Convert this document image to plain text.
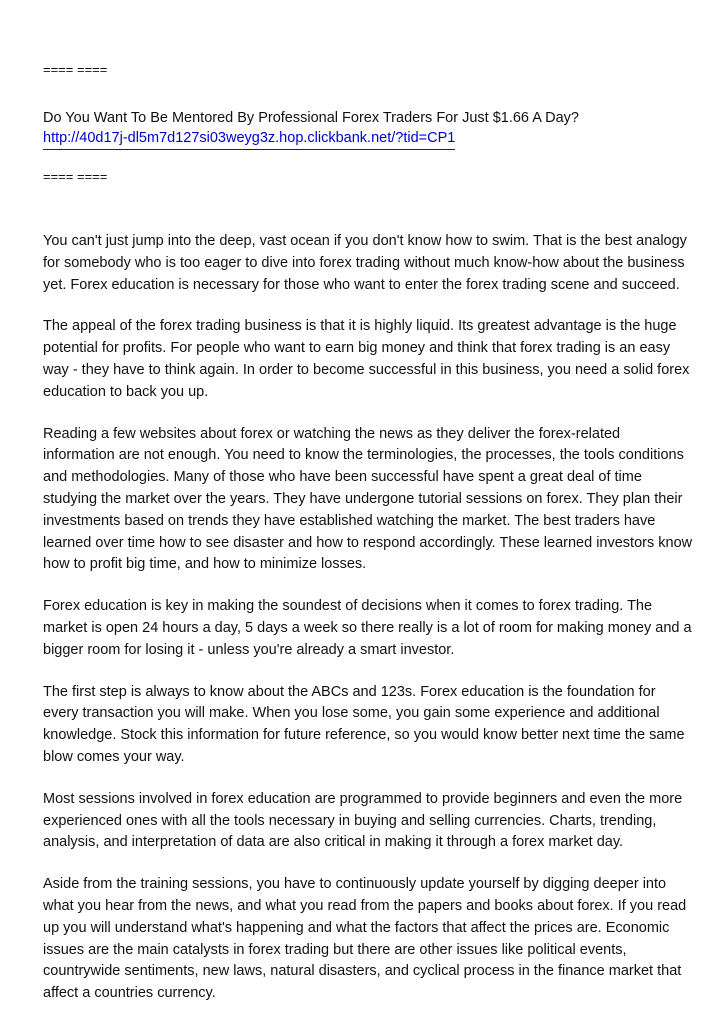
==== ====

Do You Want To Be Mentored By Professional Forex Traders For Just $1.66 A Day?

http://40d17j-dl5m7d127si03weyg3z.hop.clickbank.net/?tid=CP1

==== ====

You can't just jump into the deep, vast ocean if you don't know how to swim. That is the best analogy for somebody who is too eager to dive into forex trading without much know-how about the business yet. Forex education is necessary for those who want to enter the forex trading scene and succeed.

The appeal of the forex trading business is that it is highly liquid. Its greatest advantage is the huge potential for profits. For people who want to earn big money and think that forex trading is an easy way - they have to think again. In order to become successful in this business, you need a solid forex education to back you up.

Reading a few websites about forex or watching the news as they deliver the forex-related information are not enough. You need to know the terminologies, the processes, the tools conditions and methodologies. Many of those who have been successful have spent a great deal of time studying the market over the years. They have undergone tutorial sessions on forex. They plan their investments based on trends they have established watching the market. The best traders have learned over time how to see disaster and how to respond accordingly. These learned investors know how to profit big time, and how to minimize losses.

Forex education is key in making the soundest of decisions when it comes to forex trading. The market is open 24 hours a day, 5 days a week so there really is a lot of room for making money and a bigger room for losing it - unless you're already a smart investor.

The first step is always to know about the ABCs and 123s. Forex education is the foundation for every transaction you will make. When you lose some, you gain some experience and additional knowledge. Stock this information for future reference, so you would know better next time the same blow comes your way.

Most sessions involved in forex education are programmed to provide beginners and even the more experienced ones with all the tools necessary in buying and selling currencies. Charts, trending, analysis, and interpretation of data are also critical in making it through a forex market day.

Aside from the training sessions, you have to continuously update yourself by digging deeper into what you hear from the news, and what you read from the papers and books about forex. If you read up you will understand what's happening and what the factors that affect the prices are. Economic issues are the main catalysts in forex trading but there are other issues like political events, countrywide sentiments, new laws, natural disasters, and cyclical process in the finance market that affect a countries currency.
